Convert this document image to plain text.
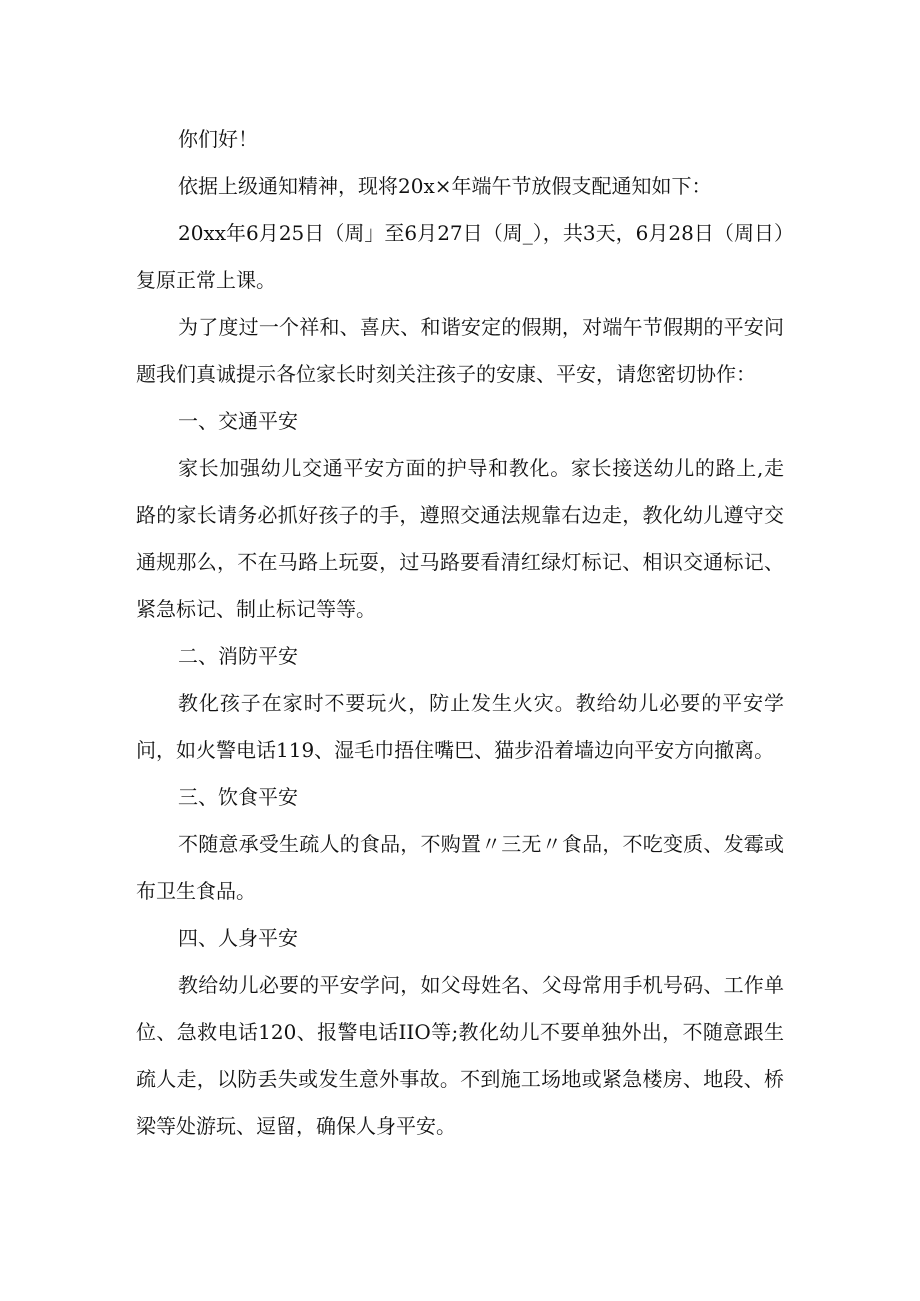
你们好！

依据上级通知精神，现将20x×年端午节放假支配通知如下：

20xx年6月25日（周」至6月27日（周_），共3天，6月28日（周日）复原正常上课。

为了度过一个祥和、喜庆、和谐安定的假期，对端午节假期的平安问题我们真诚提示各位家长时刻关注孩子的安康、平安，请您密切协作：

一、交通平安

家长加强幼儿交通平安方面的护导和教化。家长接送幼儿的路上,走路的家长请务必抓好孩子的手，遵照交通法规靠右边走，教化幼儿遵守交通规那么，不在马路上玩耍，过马路要看清红绿灯标记、相识交通标记、紧急标记、制止标记等等。

二、消防平安

教化孩子在家时不要玩火，防止发生火灾。教给幼儿必要的平安学问，如火警电话119、湿毛巾捂住嘴巴、猫步沿着墙边向平安方向撤离。

三、饮食平安

不随意承受生疏人的食品，不购置〃三无〃食品，不吃变质、发霉或布卫生食品。

四、人身平安

教给幼儿必要的平安学问，如父母姓名、父母常用手机号码、工作单位、急救电话120、报警电话IIO等;教化幼儿不要单独外出，不随意跟生疏人走，以防丢失或发生意外事故。不到施工场地或紧急楼房、地段、桥梁等处游玩、逗留，确保人身平安。
